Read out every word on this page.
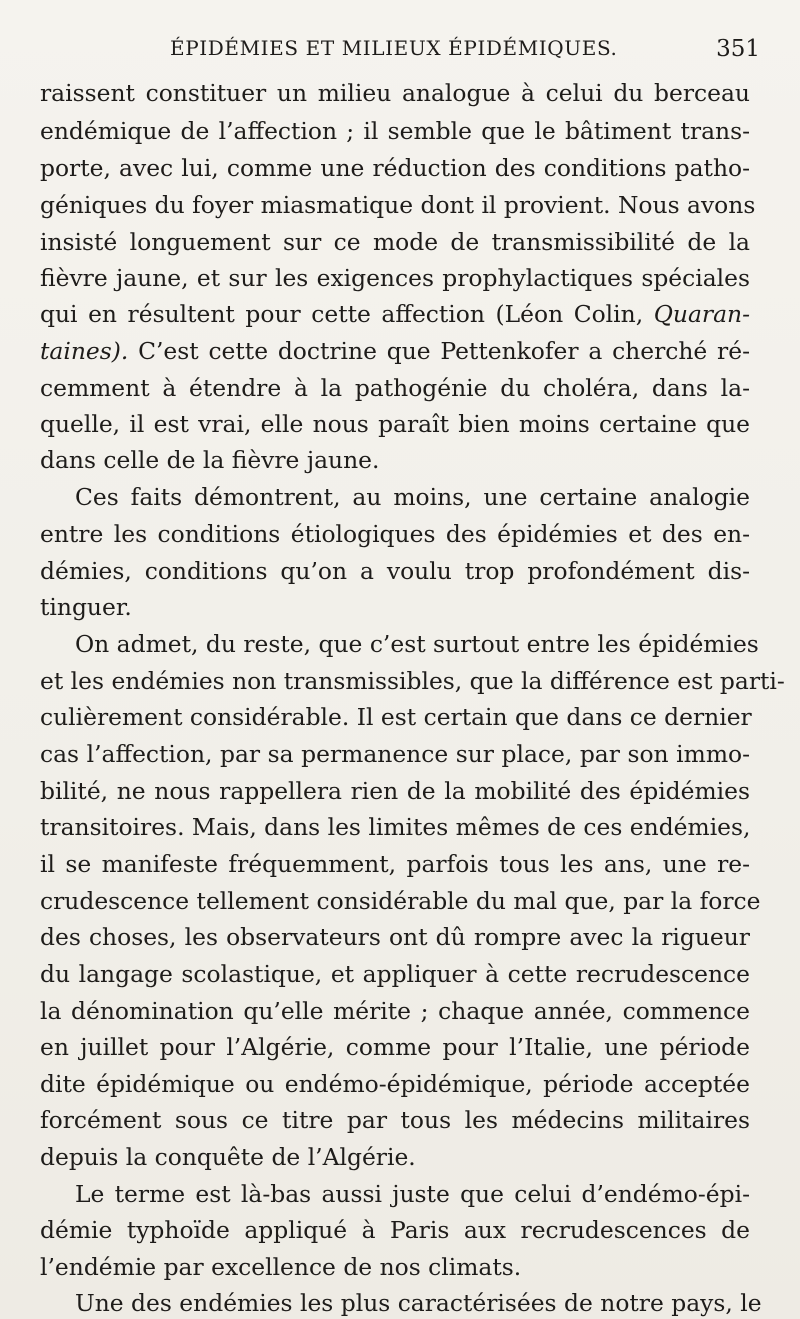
ÉPIDÉMIES ET MILIEUX ÉPIDÉMIQUES.	351
raissent constituer un milieu analogue à celui du berceau
endémique de l’affection ; il semble que le bâtiment trans-
porte, avec lui, comme une réduction des conditions patho-
géniques du foyer miasmatique dont il provient. Nous avons
insisté longuement sur ce mode de transmissibilité de la
fièvre jaune, et sur les exigences prophylactiques spéciales
qui en résultent pour cette affection (Léon Colin, Quaran-
taines). C’est cette doctrine que Pettenkofer a cherché ré-
cemment à étendre à la pathogénie du choléra, dans la-
quelle, il est vrai, elle nous paraît bien moins certaine que
dans celle de la fièvre jaune.
Ces faits démontrent, au moins, une certaine analogie
entre les conditions étiologiques des épidémies et des en-
démies, conditions qu’on a voulu trop profondément dis-
tinguer.
On admet, du reste, que c’est surtout entre les épidémies
et les endémies non transmissibles, que la différence est parti-
culièrement considérable. Il est certain que dans ce dernier
cas l’affection, par sa permanence sur place, par son immo-
bilité, ne nous rappellera rien de la mobilité des épidémies
transitoires. Mais, dans les limites mêmes de ces endémies,
il se manifeste fréquemment, parfois tous les ans, une re-
crudescence tellement considérable du mal que, par la force
des choses, les observateurs ont dû rompre avec la rigueur
du langage scolastique, et appliquer à cette recrudescence
la dénomination qu’elle mérite ; chaque année, commence
en juillet pour l’Algérie, comme pour l’Italie, une période
dite épidémique ou endémo-épidémique, période acceptée
forcément sous ce titre par tous les médecins militaires
depuis la conquête de l’Algérie.
Le terme est là-bas aussi juste que celui d’endémo-épi-
démie typhoïde appliqué à Paris aux recrudescences de
l’endémie par excellence de nos climats.
Une des endémies les plus caractérisées de notre pays, le
